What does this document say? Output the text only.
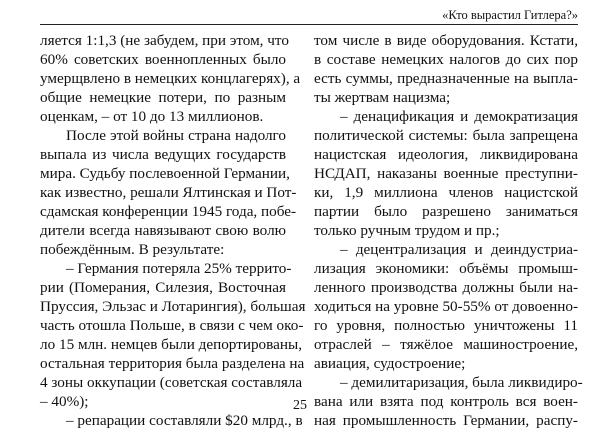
«Кто вырастил Гитлера?»
ляется 1:1,3 (не забудем, при этом, что
60% советских военнопленных было
умерщвлено в немецких концлагерях), а
общие немецкие потери, по разным
оценкам, – от 10 до 13 миллионов.
После этой войны страна надолго
выпала из числа ведущих государств
мира. Судьбу послевоенной Германии,
как известно, решали Ялтинская и Пот-
сдамская конференции 1945 года, побе-
дители всегда навязывают свою волю
побеждённым. В результате:
– Германия потеряла 25% террито-
рии (Померания, Силезия, Восточная
Пруссия, Эльзас и Лотарингия), большая
часть отошла Польше, в связи с чем око-
ло 15 млн. немцев были депортированы,
остальная территория была разделена на
4 зоны оккупации (советская составляла
– 40%);
– репарации составляли $20 млрд., в
том числе в виде оборудования. Кстати,
в составе немецких налогов до сих пор
есть суммы, предназначенные на выпла-
ты жертвам нацизма;
– денацификация и демократизация
политической системы: была запрещена
нацистская идеология, ликвидирована
НСДАП, наказаны военные преступни-
ки, 1,9 миллиона членов нацистской
партии было разрешено заниматься
только ручным трудом и пр.;
– децентрализация и деиндустриа-
лизация экономики: объёмы промыш-
ленного производства должны были на-
ходиться на уровне 50-55% от довоенно-
го уровня, полностью уничтожены 11
отраслей – тяжёлое машиностроение,
авиация, судостроение;
– демилитаризация, была ликвидиро-
вана или взята под контроль вся воен-
ная промышленность Германии, распу-
25
